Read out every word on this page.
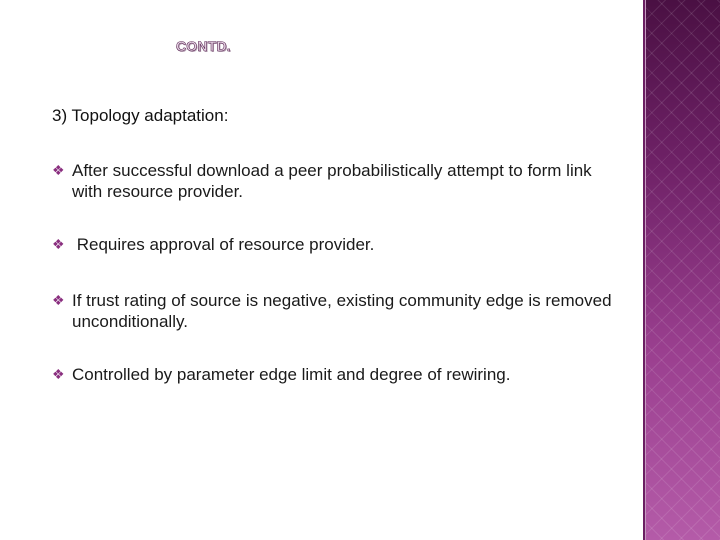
CONTD.
3) Topology adaptation:
❖ After successful download a peer probabilistically attempt to form link with resource provider.
❖ Requires approval of resource provider.
❖ If trust rating of source is negative, existing community edge is removed unconditionally.
❖ Controlled by parameter edge limit and degree of rewiring.
